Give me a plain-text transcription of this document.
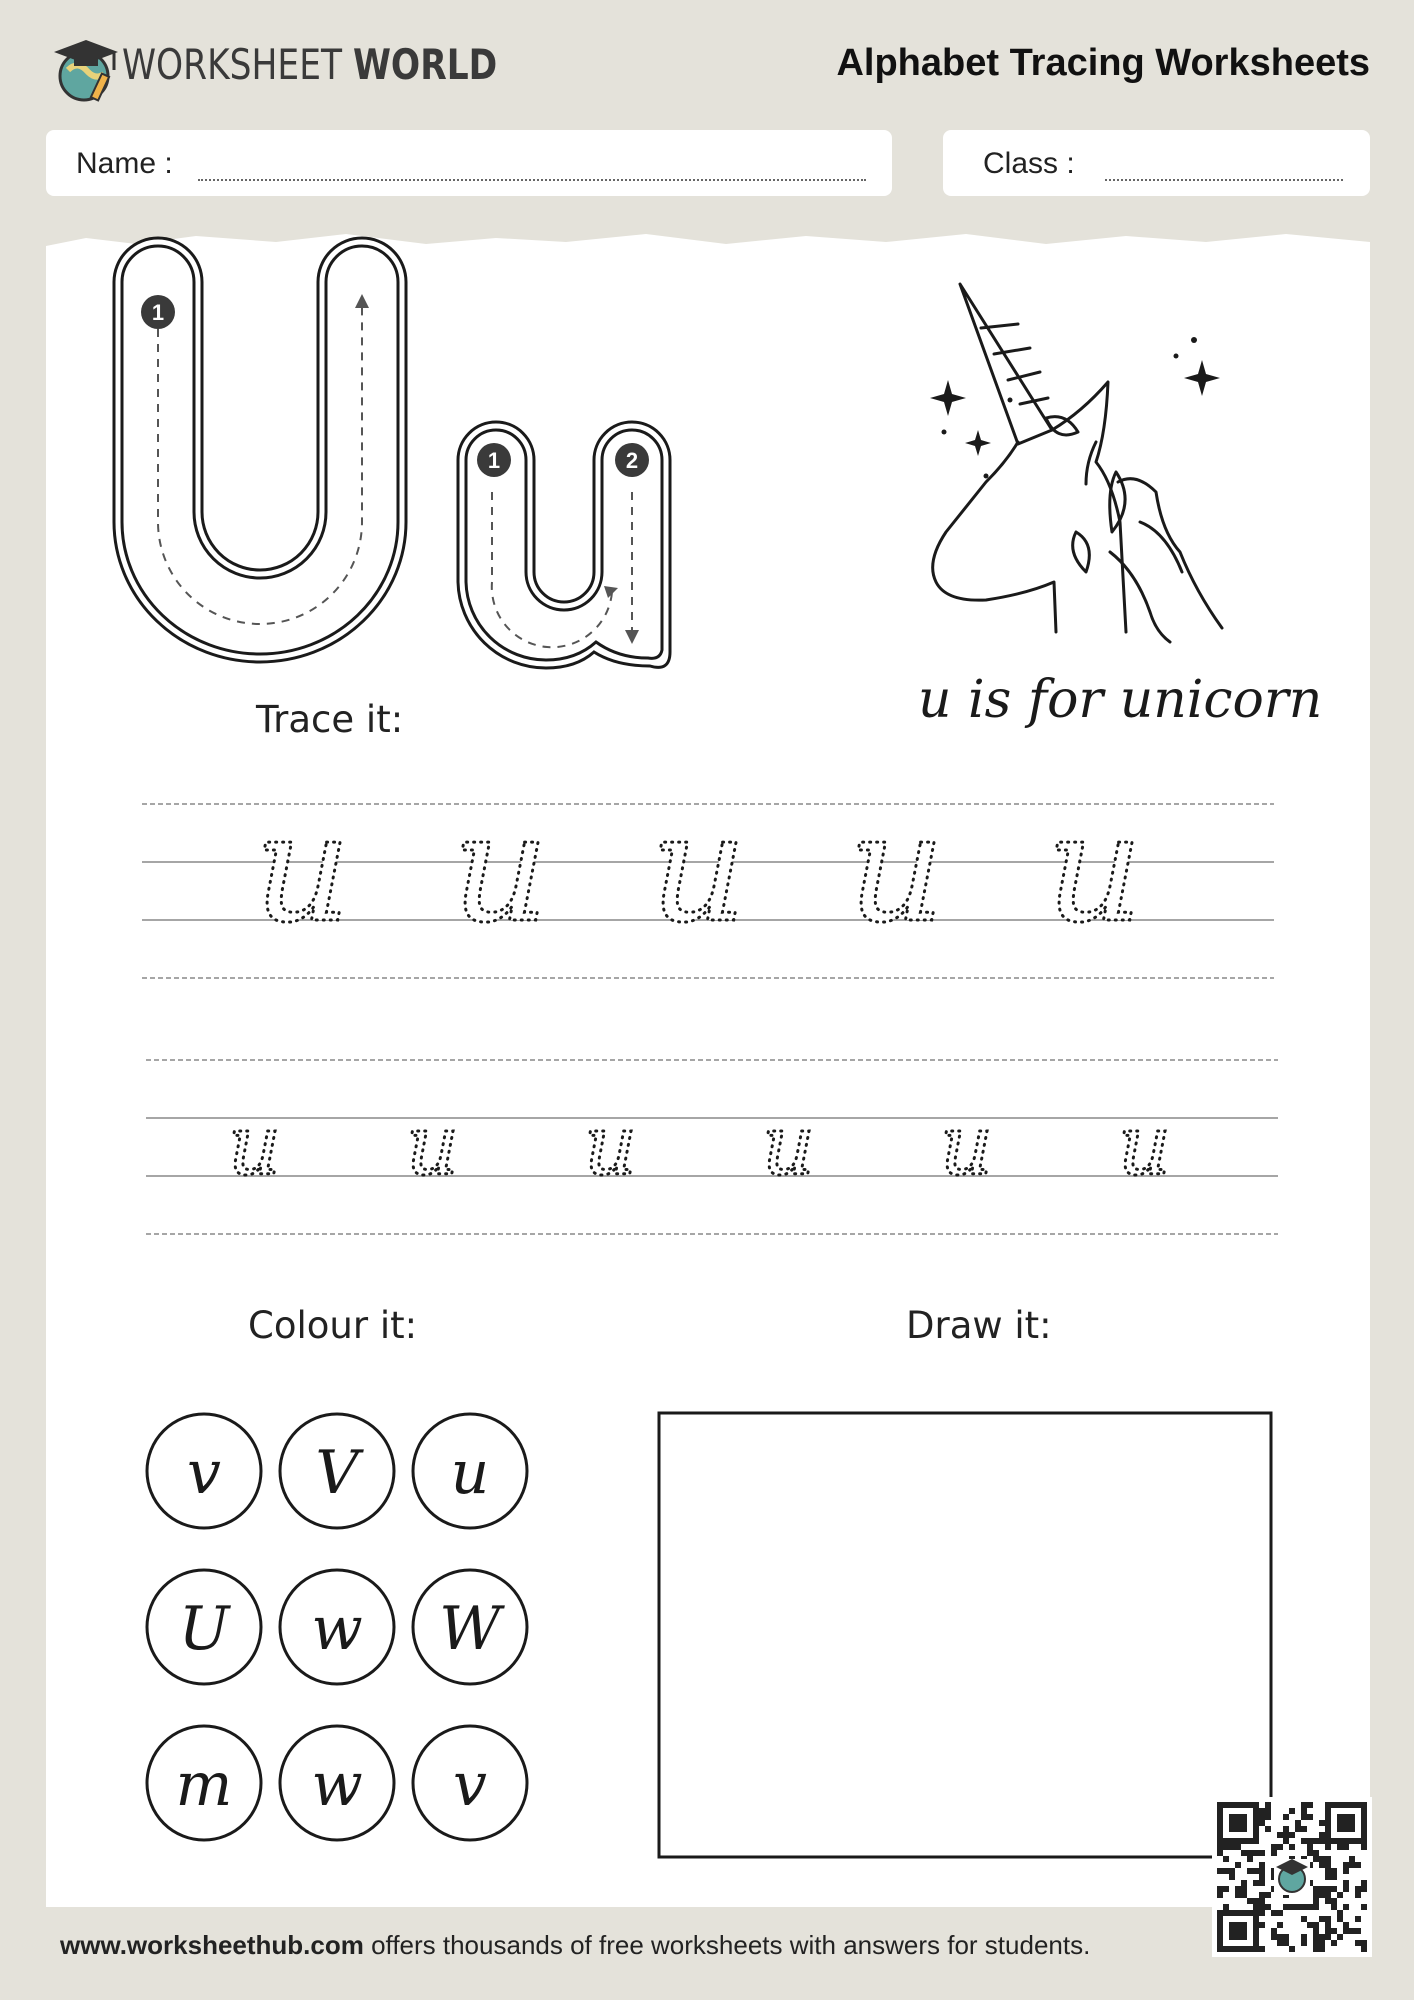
WORKSHEET WORLD	Alphabet Tracing Worksheets
Name :	Class :
1
1	2
u u u u u
u u u u u u
v V u
U w W
m w v
Trace it:	u is for unicorn
Colour it:	Draw it:
www.worksheethub.com offers thousands of free worksheets with answers for students.
